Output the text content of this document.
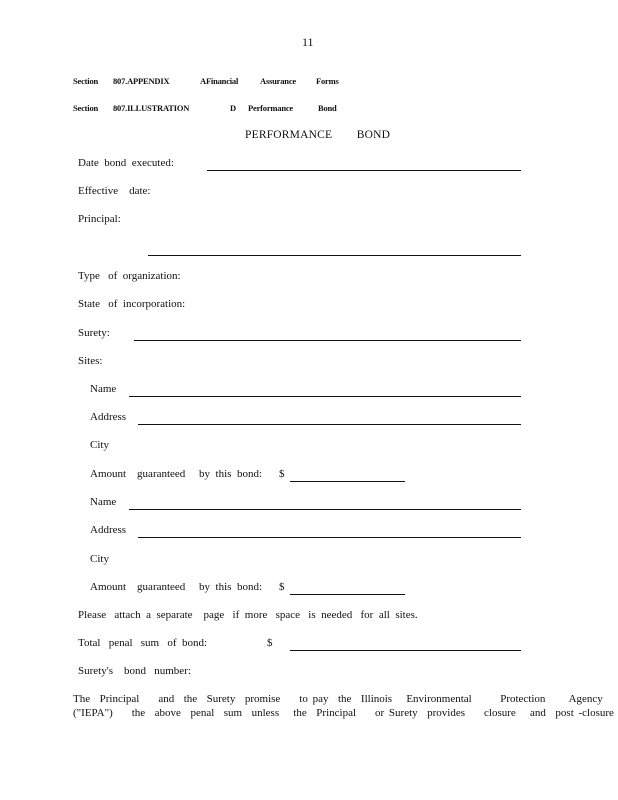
11
Section 807.APPENDIX	AFinancial	Assurance Forms
Section 807.ILLUSTRATION	D Performance	Bond
PERFORMANCE        BOND
Date  bond  executed:
Effective    date:
Principal:
Type   of  organization:
State   of  incorporation:
Surety:
Sites:
Name
Address
City
Amount    guaranteed     by  this  bond: $
Name
Address
City
Amount    guaranteed     by  this  bond: $
Please   attach  a  separate    page   if  more   space   is  needed   for  all  sites.
Total   penal   sum   of  bond:	$
Surety's    bond   number:
The  Principal    and  the  Surety  promise    to pay  the  Illinois   Environmental      Protection     Agency
("IEPA")    the  above  penal  sum  unless   the  Principal    or Surety  provides    closure   and  post -closure
